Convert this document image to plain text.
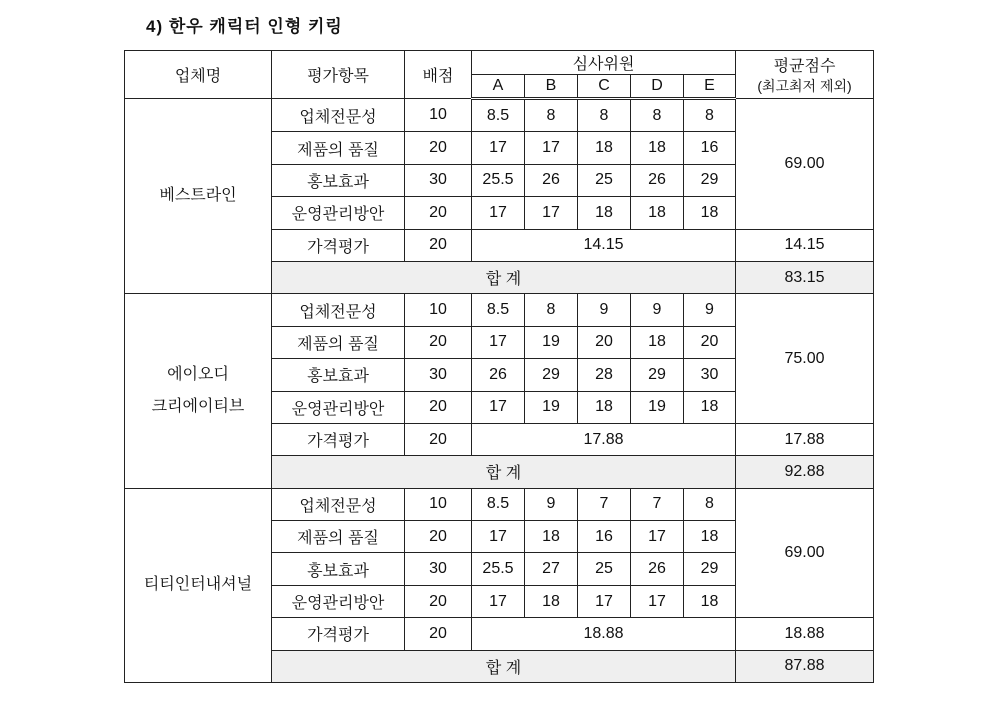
4) 한우 캐릭터 인형 키링
업체명	평가항목	배점	심사위원					평균점수
(최고최저 제외)

			A	B	C	D	E	
베스트라인	업체전문성	10	8.5	8	8	8	8	69.00
	제품의 품질	20	17	17	18	18	16	
	홍보효과	30	25.5	26	25	26	29	
	운영관리방안	20	17	17	18	18	18	
	가격평가	20	14.15					14.15
	합 계							83.15
에이오디
크리에이티브	업체전문성	10	8.5	8	9	9	9	75.00
	제품의 품질	20	17	19	20	18	20	
	홍보효과	30	26	29	28	29	30	
	운영관리방안	20	17	19	18	19	18	
	가격평가	20	17.88					17.88
	합 계							92.88
티티인터내셔널	업체전문성	10	8.5	9	7	7	8	69.00
	제품의 품질	20	17	18	16	17	18	
	홍보효과	30	25.5	27	25	26	29	
	운영관리방안	20	17	18	17	17	18	
	가격평가	20	18.88					18.88
	합 계							87.88
